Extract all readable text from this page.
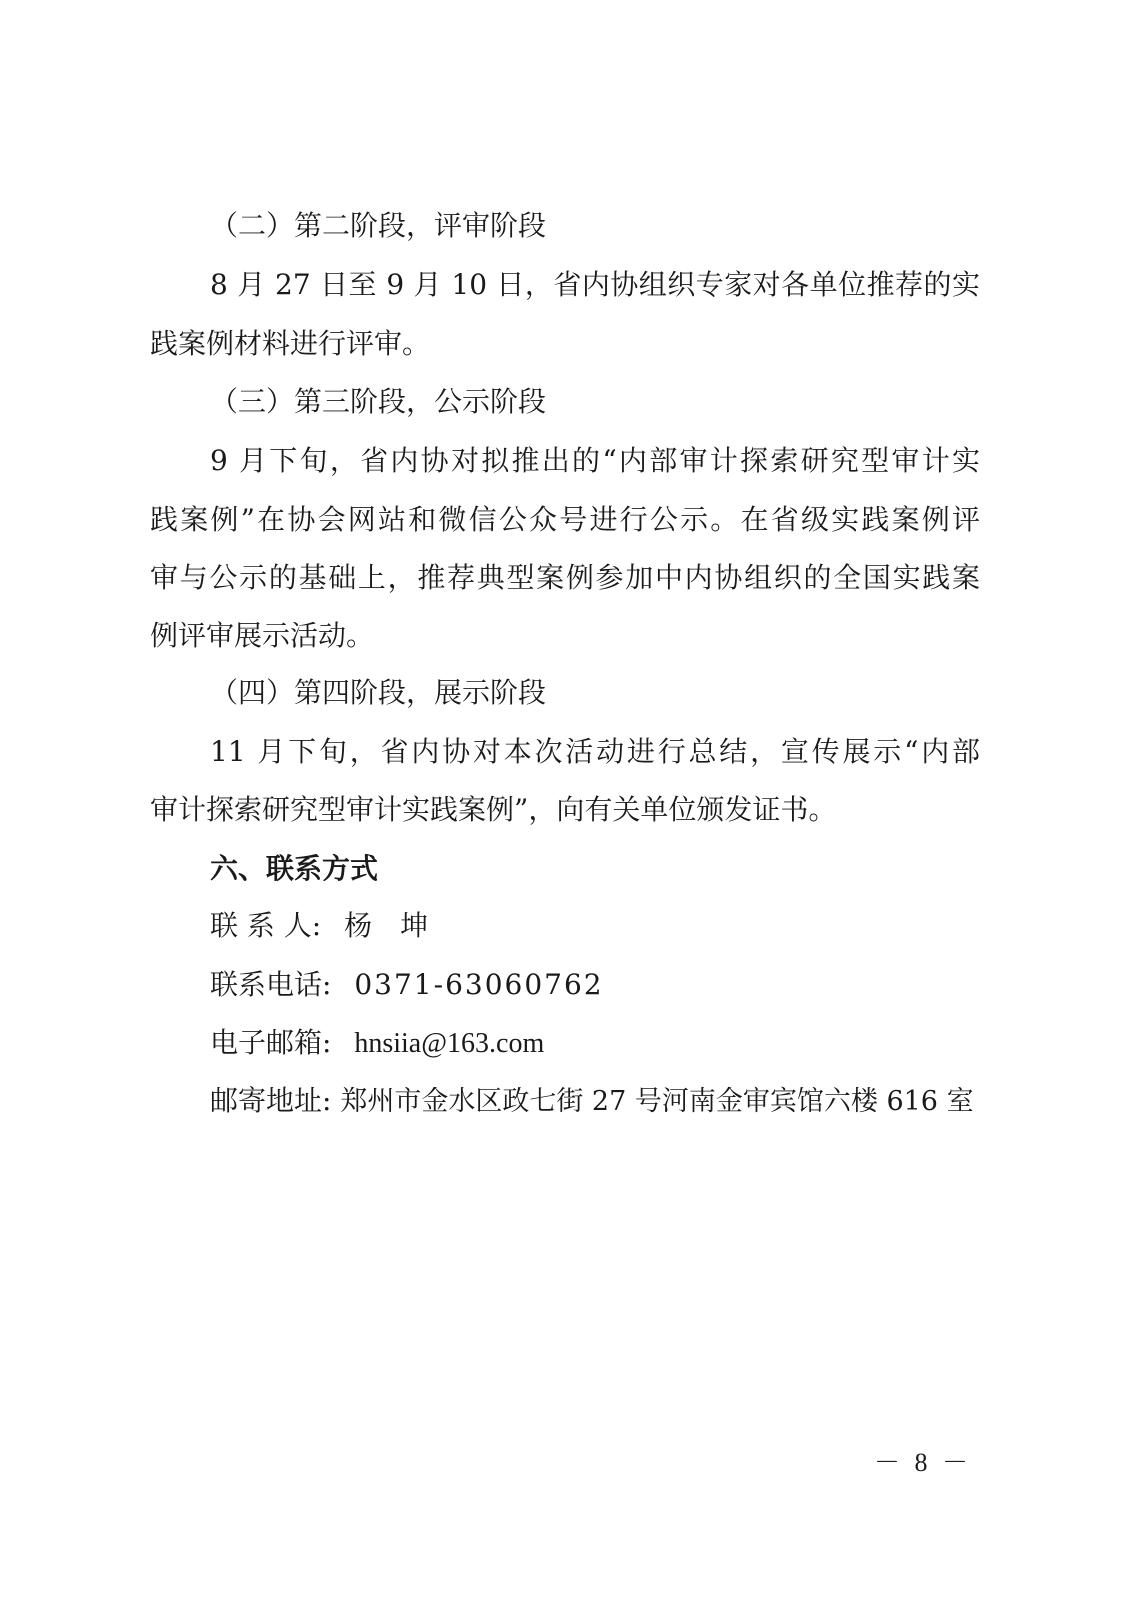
（二）第二阶段，评审阶段
8 月 27 日至 9 月 10 日，省内协组织专家对各单位推荐的实
践案例材料进行评审。
（三）第三阶段，公示阶段
9 月下旬，省内协对拟推出的“内部审计探索研究型审计实
践案例”在协会网站和微信公众号进行公示。在省级实践案例评
审与公示的基础上，推荐典型案例参加中内协组织的全国实践案
例评审展示活动。
（四）第四阶段，展示阶段
11 月下旬，省内协对本次活动进行总结，宣传展示“内部
审计探索研究型审计实践案例”，向有关单位颁发证书。
六、联系方式
联 系 人: 杨　坤
联系电话: 0371-63060762
电子邮箱: hnsiia@163.com
邮寄地址: 郑州市金水区政七街 27 号河南金审宾馆六楼 616 室
－ 8 －
